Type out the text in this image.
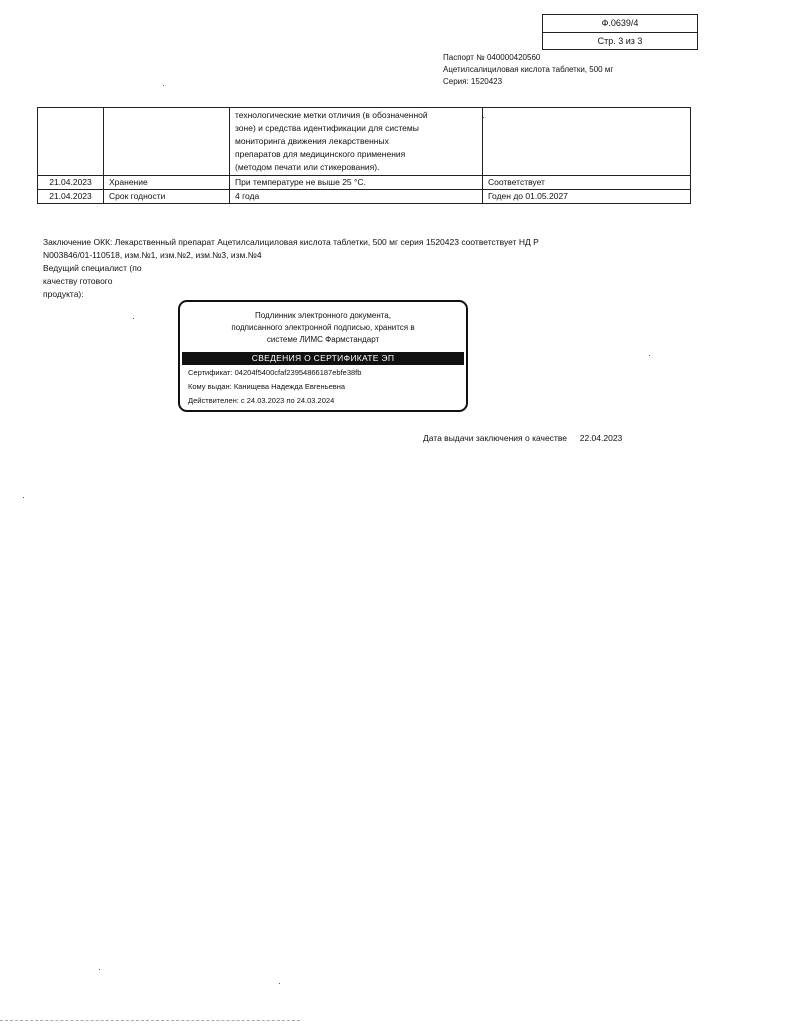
Ф.0639/4
Стр. 3 из 3
Паспорт № 040000420560
Ацетилсалициловая кислота таблетки, 500 мг
Серия: 1520423

		технологические метки отличия (в обозначенной
зоне) и средства идентификации для системы
мониторинга движения лекарственных
препаратов для медицинского применения
(методом печати или стикерования).	

21.04.2023	Хранение	При температуре не выше 25 °С.	Соответствует
21.04.2023	Срок годности	4 года	Годен до 01.05.2027
Заключение ОКК: Лекарственный препарат Ацетилсалициловая кислота таблетки, 500 мг серия 1520423 соответствует НД Р
N003846/01-110518, изм.№1, изм.№2, изм.№3, изм.№4
Ведущий специалист (по
качеству готового
продукта):
Подлинник электронного документа,
подписанного электронной подписью, хранится в
системе ЛИМС Фармстандарт
СВЕДЕНИЯ О СЕРТИФИКАТЕ ЭП
Сертификат: 04204f5400cfaf23954866187ebfe38fb
Кому выдан: Канищева Надежда Евгеньевна
Действителен: с 24.03.2023 по 24.03.2024
Дата выдачи заключения о качестве 22.04.2023
